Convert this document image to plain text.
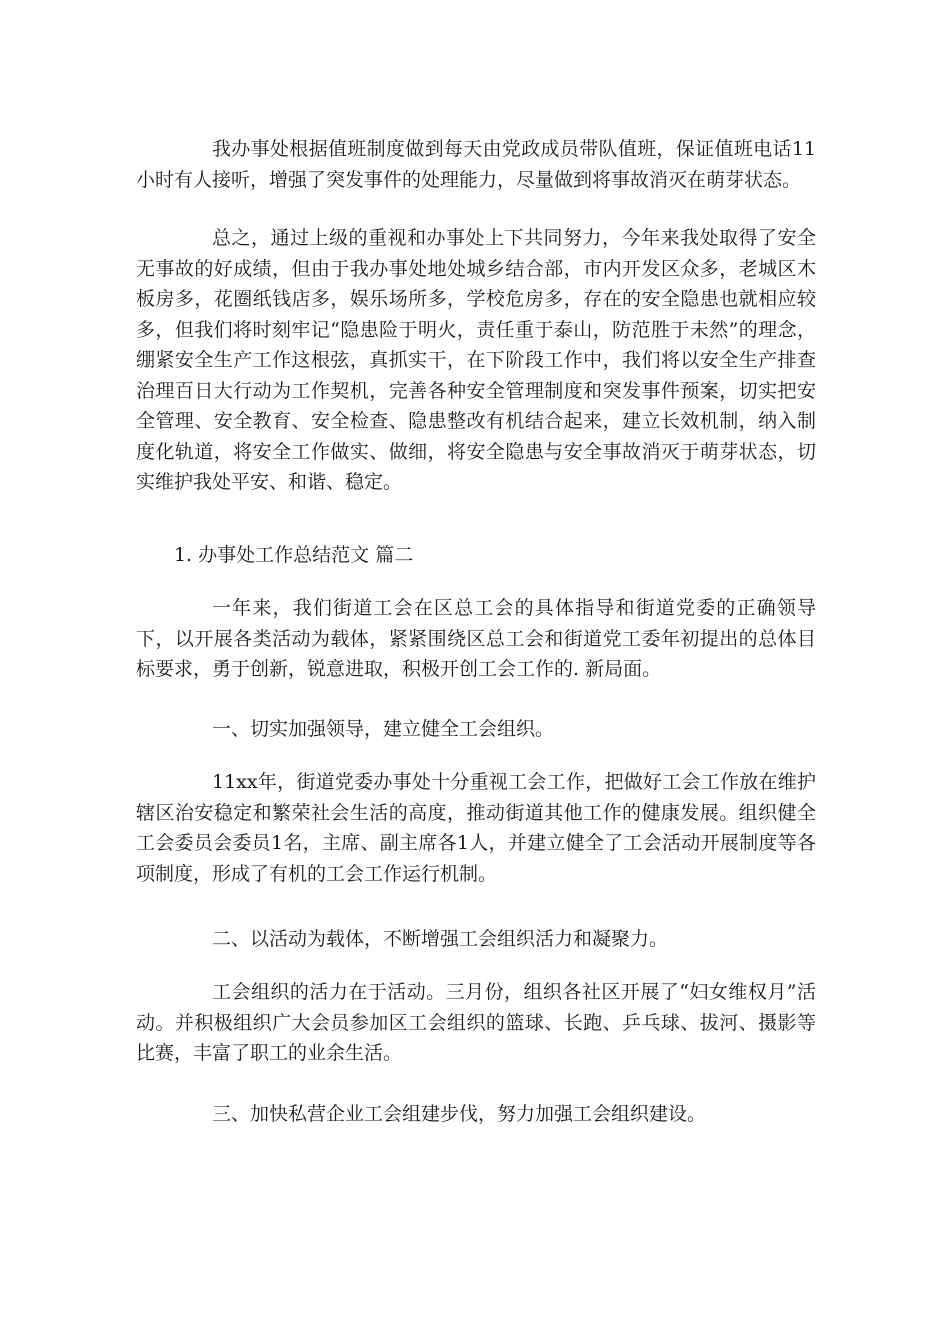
我办事处根据值班制度做到每天由党政成员带队值班，保证值班电话11小时有人接听，增强了突发事件的处理能力，尽量做到将事故消灭在萌芽状态。

总之，通过上级的重视和办事处上下共同努力，今年来我处取得了安全无事故的好成绩，但由于我办事处地处城乡结合部，市内开发区众多，老城区木板房多，花圈纸钱店多，娱乐场所多，学校危房多，存在的安全隐患也就相应较多，但我们将时刻牢记“隐患险于明火，责任重于泰山，防范胜于未然”的理念，绷紧安全生产工作这根弦，真抓实干，在下阶段工作中，我们将以安全生产排查治理百日大行动为工作契机，完善各种安全管理制度和突发事件预案，切实把安全管理、安全教育、安全检查、隐患整改有机结合起来，建立长效机制，纳入制度化轨道，将安全工作做实、做细，将安全隐患与安全事故消灭于萌芽状态，切实维护我处平安、和谐、稳定。

1. 办事处工作总结范文 篇二

一年来，我们街道工会在区总工会的具体指导和街道党委的正确领导下，以开展各类活动为载体，紧紧围绕区总工会和街道党工委年初提出的总体目标要求，勇于创新，锐意进取，积极开创工会工作的. 新局面。

一、切实加强领导，建立健全工会组织。

11xx年，街道党委办事处十分重视工会工作，把做好工会工作放在维护辖区治安稳定和繁荣社会生活的高度，推动街道其他工作的健康发展。组织健全工会委员会委员1名，主席、副主席各1人，并建立健全了工会活动开展制度等各项制度，形成了有机的工会工作运行机制。

二、以活动为载体，不断增强工会组织活力和凝聚力。

工会组织的活力在于活动。三月份，组织各社区开展了“妇女维权月”活动。并积极组织广大会员参加区工会组织的篮球、长跑、乒乓球、拔河、摄影等比赛，丰富了职工的业余生活。

三、加快私营企业工会组建步伐，努力加强工会组织建设。
